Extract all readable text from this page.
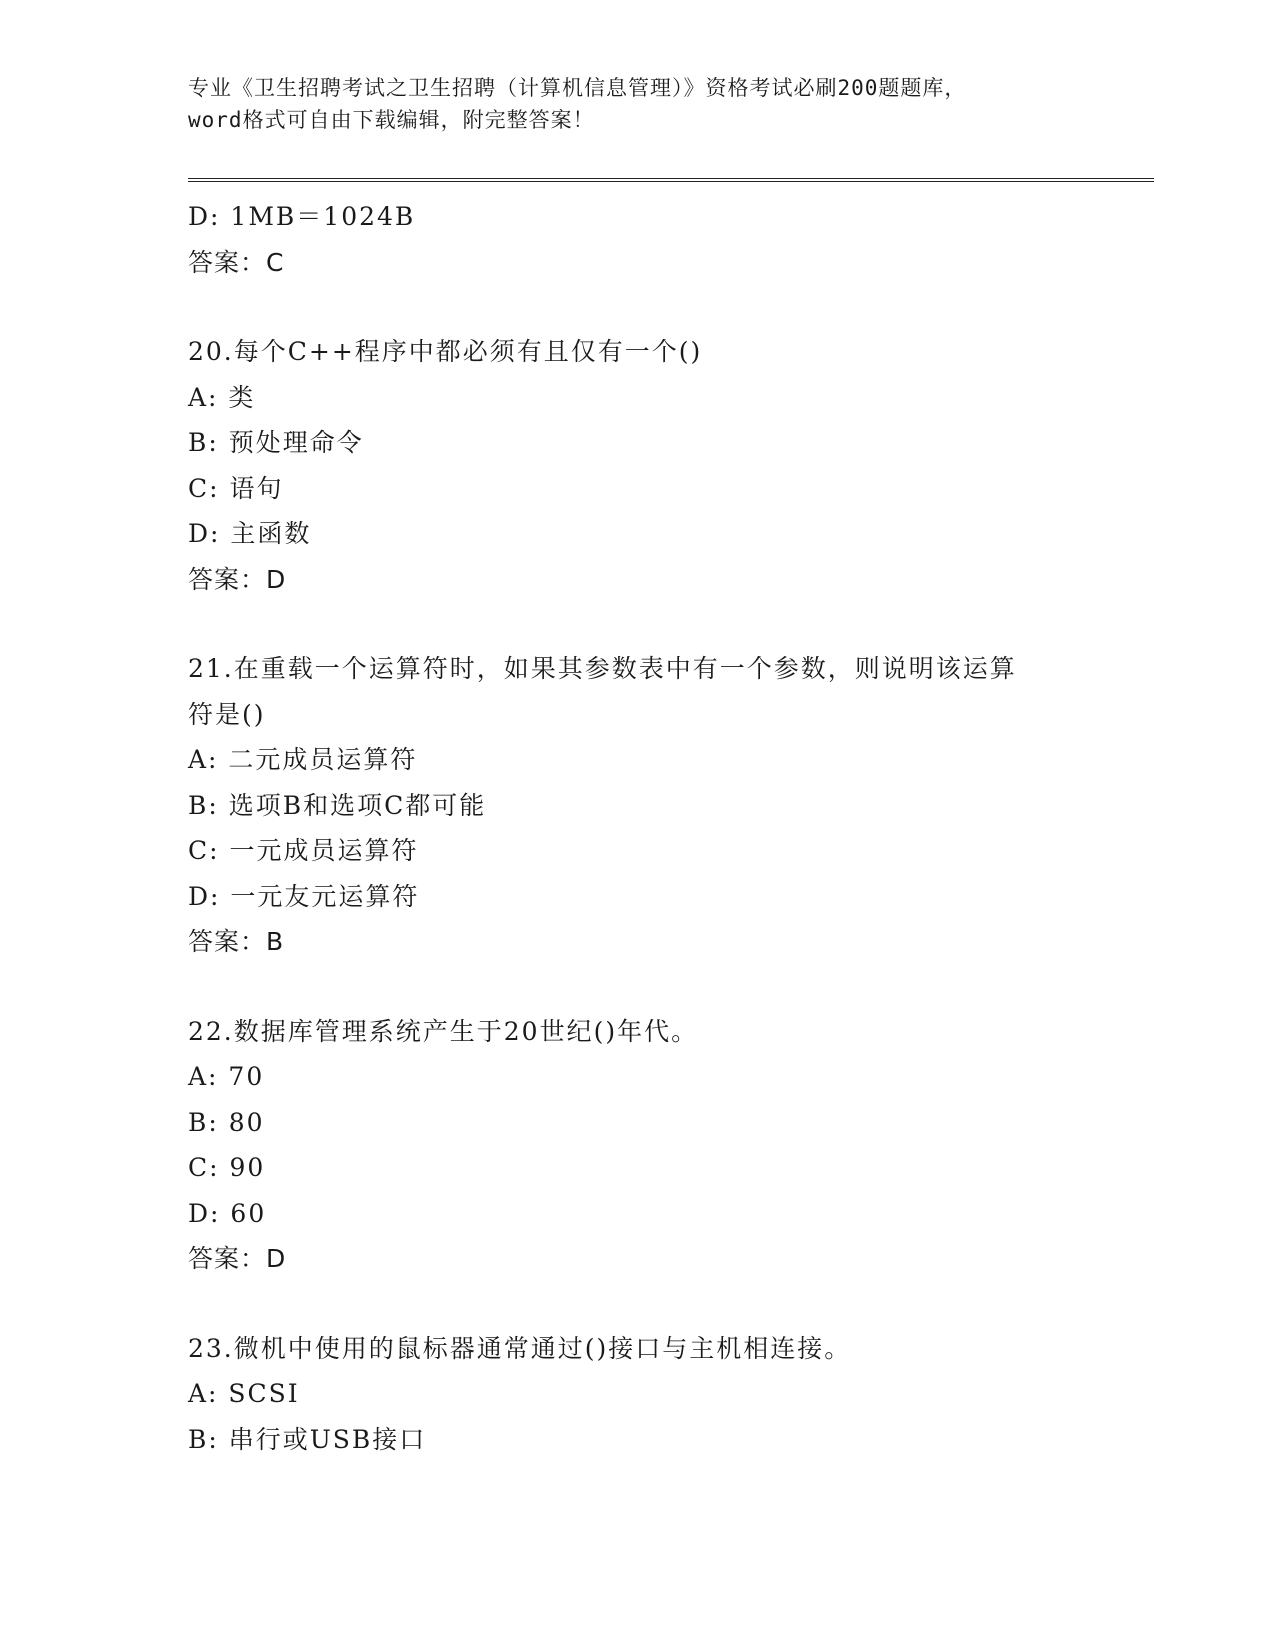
专业《卫生招聘考试之卫生招聘（计算机信息管理）》资格考试必刷200题题库，
word格式可自由下载编辑，附完整答案！
D: 1MB＝1024B
答案：C
20.每个C++程序中都必须有且仅有一个()
A: 类
B: 预处理命令
C: 语句
D: 主函数
答案：D
21.在重载一个运算符时，如果其参数表中有一个参数，则说明该运算
符是()
A: 二元成员运算符
B: 选项B和选项C都可能
C: 一元成员运算符
D: 一元友元运算符
答案：B
22.数据库管理系统产生于20世纪()年代。
A: 70
B: 80
C: 90
D: 60
答案：D
23.微机中使用的鼠标器通常通过()接口与主机相连接。
A: SCSI
B: 串行或USB接口
